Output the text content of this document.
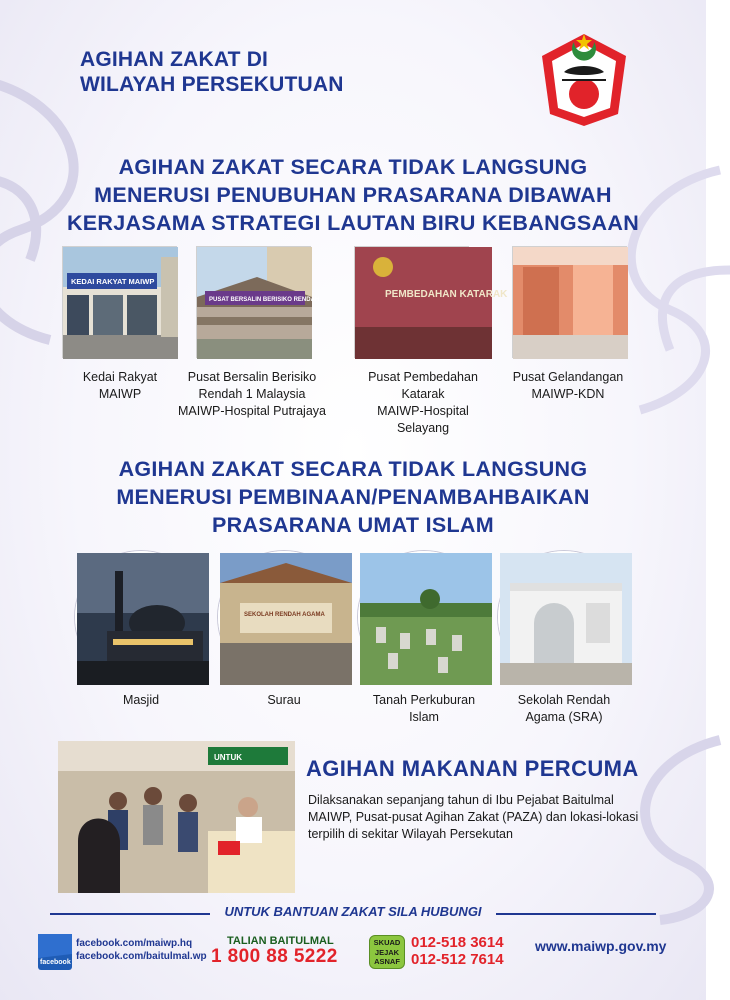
AGIHAN ZAKAT DI
WILAYAH PERSEKUTUAN
AGIHAN ZAKAT SECARA TIDAK LANGSUNG
MENERUSI PENUBUHAN PRASARANA DIBAWAH
KERJASAMA STRATEGI LAUTAN BIRU KEBANGSAAN
KEDAI RAKYAT MAIWP
PUSAT BERSALIN BERISIKO RENDAH	PEMBEDAHAN KATARAK
Kedai Rakyat
MAIWP
Pusat Bersalin Berisiko
Rendah 1 Malaysia
MAIWP-Hospital Putrajaya
Pusat Pembedahan
Katarak
MAIWP-Hospital
Selayang
Pusat Gelandangan
MAIWP-KDN
AGIHAN ZAKAT SECARA TIDAK LANGSUNG
MENERUSI PEMBINAAN/PENAMBAHBAIKAN
PRASARANA UMAT ISLAM
SEKOLAH RENDAH AGAMA
Masjid	Surau	Tanah Perkuburan
Islam
Sekolah Rendah
Agama (SRA)
UNTUK	AGIHAN MAKANAN PERCUMA
Dilaksanakan sepanjang tahun di Ibu Pejabat Baitulmal MAIWP, Pusat-pusat Agihan Zakat (PAZA) dan lokasi-lokasi terpilih di sekitar Wilayah Persekutan
UNTUK BANTUAN ZAKAT SILA HUBUNGI
facebook
facebook.com/maiwp.hq
facebook.com/baitulmal.wp
TALIAN BAITULMAL
1 800 88 5222
SKUAD
JEJAK
ASNAF
012-518 3614
012-512 7614
www.maiwp.gov.my
